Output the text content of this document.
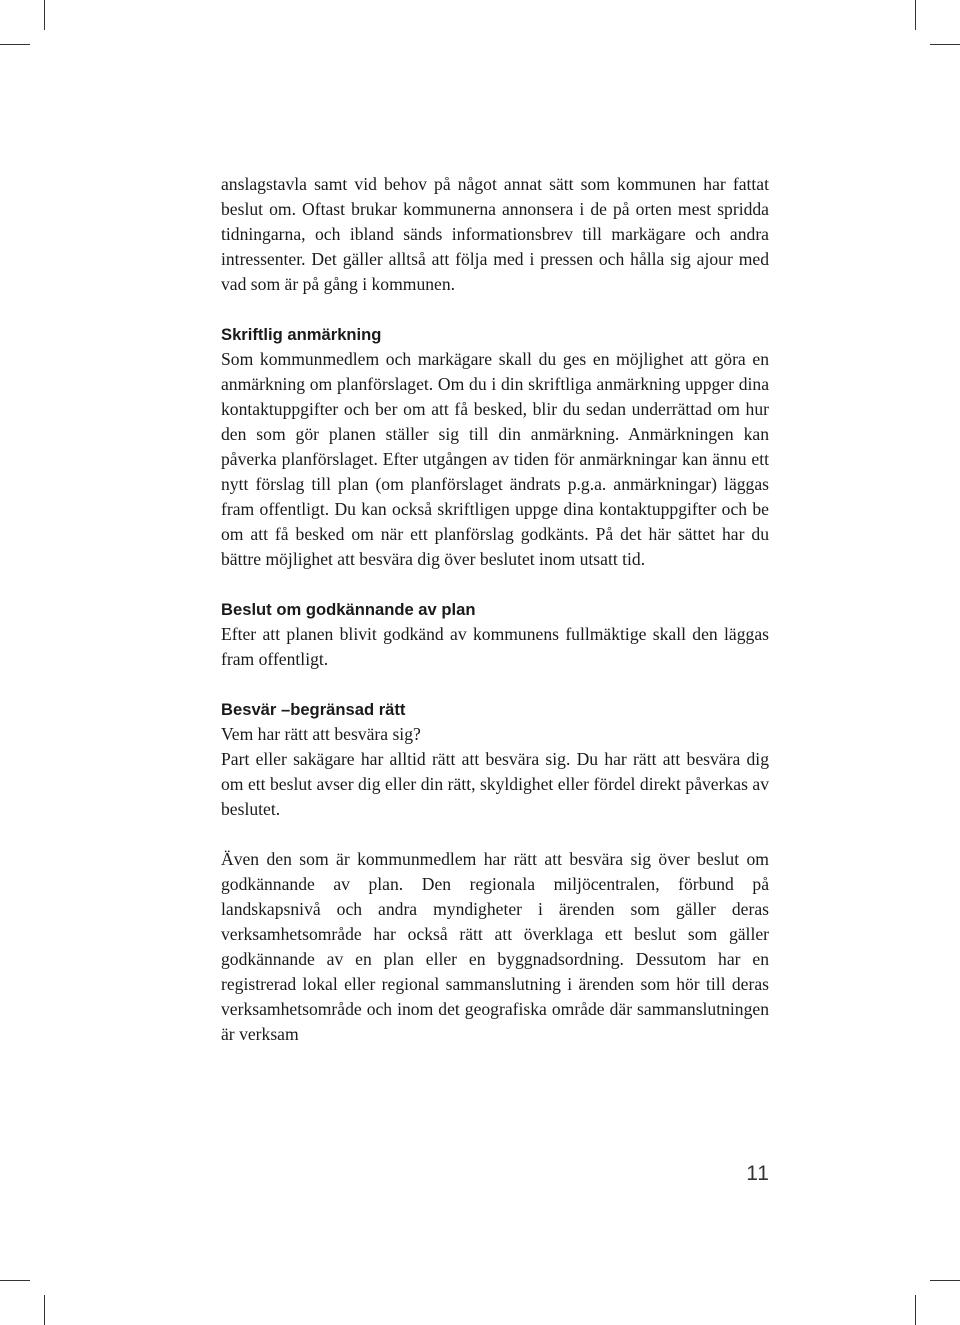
anslagstavla samt vid behov på något annat sätt som kommunen har fattat beslut om. Oftast brukar kommunerna annonsera i de på orten mest spridda tidningarna, och ibland sänds informationsbrev till markägare och andra intressenter. Det gäller alltså att följa med i pressen och hålla sig ajour med vad som är på gång i kommunen.

Skriftlig anmärkning

Som kommunmedlem och markägare skall du ges en möjlighet att göra en anmärkning om planförslaget. Om du i din skriftliga anmärkning uppger dina kontaktuppgifter och ber om att få besked, blir du sedan underrättad om hur den som gör planen ställer sig till din anmärkning. Anmärkningen kan påverka planförslaget. Efter utgången av tiden för anmärkningar kan ännu ett nytt förslag till plan (om planförslaget ändrats p.g.a. anmärkningar) läggas fram offentligt. Du kan också skriftligen uppge dina kontaktuppgifter och be om att få besked om när ett planförslag godkänts. På det här sättet har du bättre möjlighet att besvära dig över beslutet inom utsatt tid.

Beslut om godkännande av plan

Efter att planen blivit godkänd av kommunens fullmäktige skall den läggas fram offentligt.

Besvär –begränsad rätt

Vem har rätt att besvära sig?

Part eller sakägare har alltid rätt att besvära sig. Du har rätt att besvära dig om ett beslut avser dig eller din rätt, skyldighet eller fördel direkt påverkas av beslutet.

Även den som är kommunmedlem har rätt att besvära sig över beslut om godkännande av plan. Den regionala miljöcentralen, förbund på landskapsnivå och andra myndigheter i ärenden som gäller deras verksamhetsområde har också rätt att överklaga ett beslut som gäller godkännande av en plan eller en byggnadsordning. Dessutom har en registrerad lokal eller regional sammanslutning i ärenden som hör till deras verksamhetsområde och inom det geografiska område där sammanslutningen är verksam

11
